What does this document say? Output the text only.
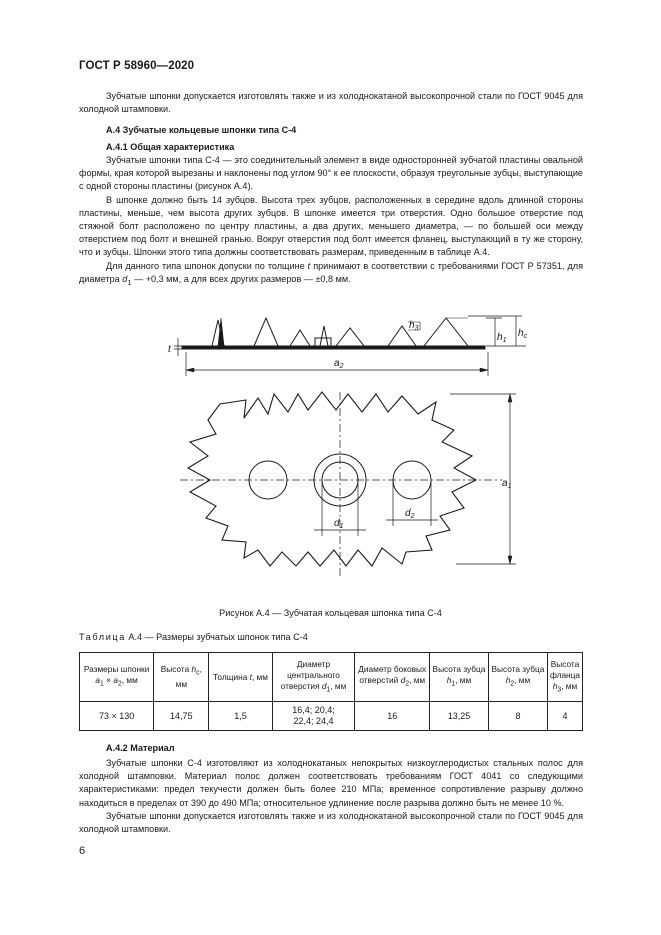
ГОСТ Р 58960—2020

Зубчатые шпонки допускается изготовлять также и из холоднокатаной высокопрочной стали по ГОСТ 9045 для холодной штамповки.

А.4 Зубчатые кольцевые шпонки типа С-4
А.4.1 Общая характеристика

Зубчатые шпонки типа С-4 — это соединительный элемент в виде односторонней зубчатой пластины овальной формы, края которой вырезаны и наклонены под углом 90° к ее плоскости, образуя треугольные зубцы, выступающие с одной стороны пластины (рисунок А.4).

В шпонке должно быть 14 зубцов. Высота трех зубцов, расположенных в середине вдоль длинной стороны пластины, меньше, чем высота других зубцов. В шпонке имеется три отверстия. Одно большое отверстие под стяжной болт расположено по центру пластины, а два других, меньшего диаметра, — по большей оси между отверстием под болт и внешней гранью. Вокруг отверстия под болт имеется фланец, выступающий в ту же сторону, что и зубцы. Шпонки этого типа должны соответствовать размерам, приведенным в таблице А.4.

Для данного типа шпонок допуски по толщине t принимают в соответствии с требованиями ГОСТ Р 57351, для диаметра $d_1$ — +0,3 мм, а для всех других размеров — ±0,8 мм.

t
$h_1$
$h_c$
$h_3$
$a_2$
$a_1$
$d_1$
$d_2$
Рисунок А.4 — Зубчатая кольцевая шпонка типа С-4
Таблица А.4 — Размеры зубчатых шпонок типа С-4
Размеры шпонки $a_1 \times a_2$, мм	Высота $h_c$, мм	Толщина t, мм	Диаметр центрального отверстия $d_1$, мм	Диаметр боковых отверстий $d_2$, мм	Высота зубца $h_1$, мм	Высота зубца $h_2$, мм	Высота фланца $h_3$, мм
73 × 130	14,75	1,5	16,4; 20,4;
22,4; 24,4	16	13,25	8	4
А.4.2 Материал

Зубчатые шпонки С-4 изготовляют из холоднокатаных непокрытых низкоуглеродистых стальных полос для холодной штамповки. Материал полос должен соответствовать требованиям ГОСТ 4041 со следующими характеристиками: предел текучести должен быть более 210 МПа; временное сопротивление разрыву должно находиться в пределах от 390 до 490 МПа; относительное удлинение после разрыва должно быть не менее 10 %.

Зубчатые шпонки допускается изготовлять также и из холоднокатаной высокопрочной стали по ГОСТ 9045 для холодной штамповки.

6
